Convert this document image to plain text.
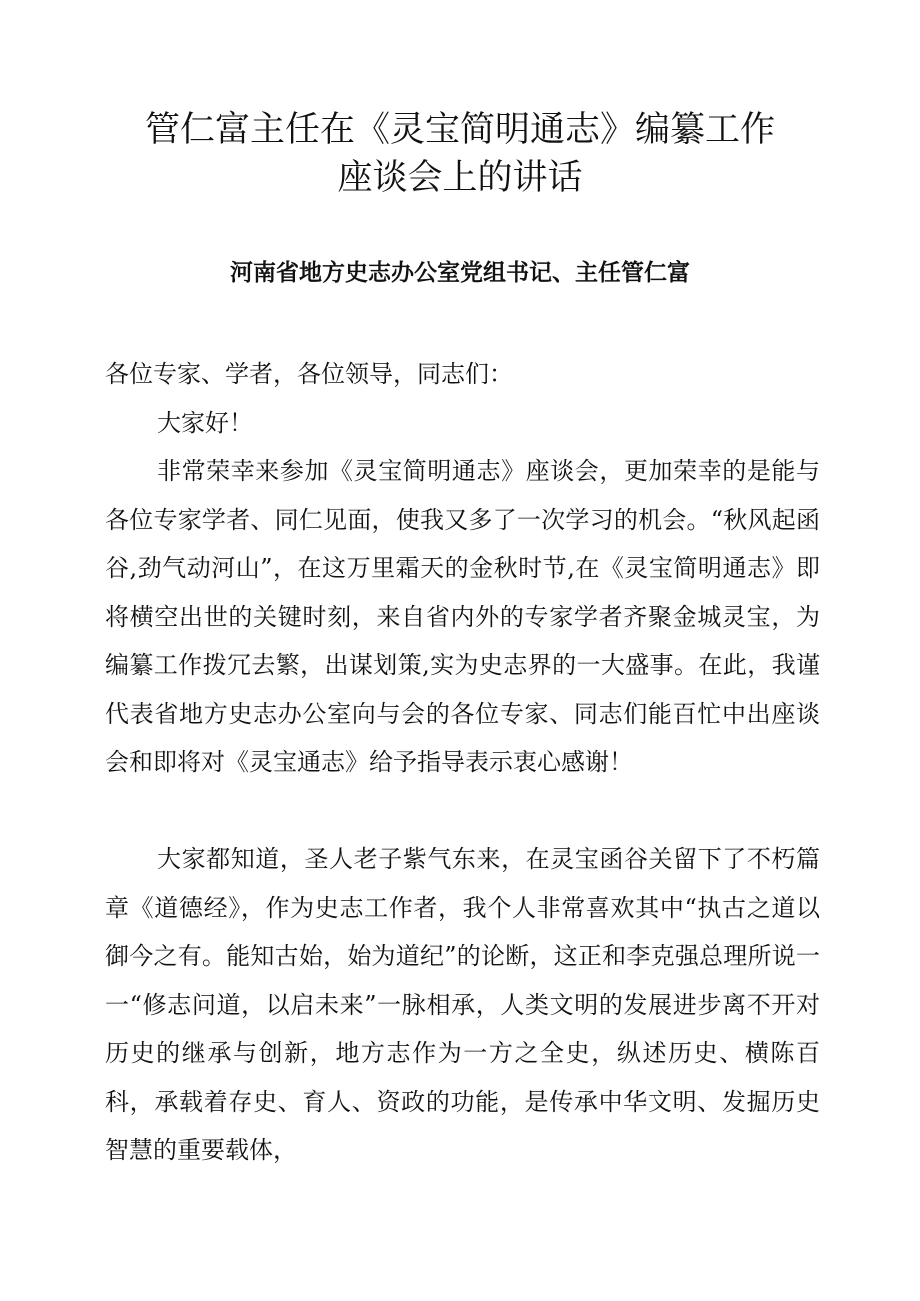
管仁富主任在《灵宝简明通志》编纂工作
座谈会上的讲话

河南省地方史志办公室党组书记、主任管仁富

各位专家、学者，各位领导，同志们：

大家好！

非常荣幸来参加《灵宝简明通志》座谈会，更加荣幸的是能与各位专家学者、同仁见面，使我又多了一次学习的机会。“秋风起函谷,劲气动河山”，在这万里霜天的金秋时节,在《灵宝简明通志》即将横空出世的关键时刻，来自省内外的专家学者齐聚金城灵宝，为编纂工作拨冗去繁，出谋划策,实为史志界的一大盛事。在此，我谨代表省地方史志办公室向与会的各位专家、同志们能百忙中出座谈会和即将对《灵宝通志》给予指导表示衷心感谢！

大家都知道，圣人老子紫气东来，在灵宝函谷关留下了不朽篇章《道德经》，作为史志工作者，我个人非常喜欢其中“执古之道以御今之有。能知古始，始为道纪”的论断，这正和李克强总理所说一一“修志问道，以启未来”一脉相承，人类文明的发展进步离不开对历史的继承与创新，地方志作为一方之全史，纵述历史、横陈百科，承载着存史、育人、资政的功能，是传承中华文明、发掘历史智慧的重要载体，
